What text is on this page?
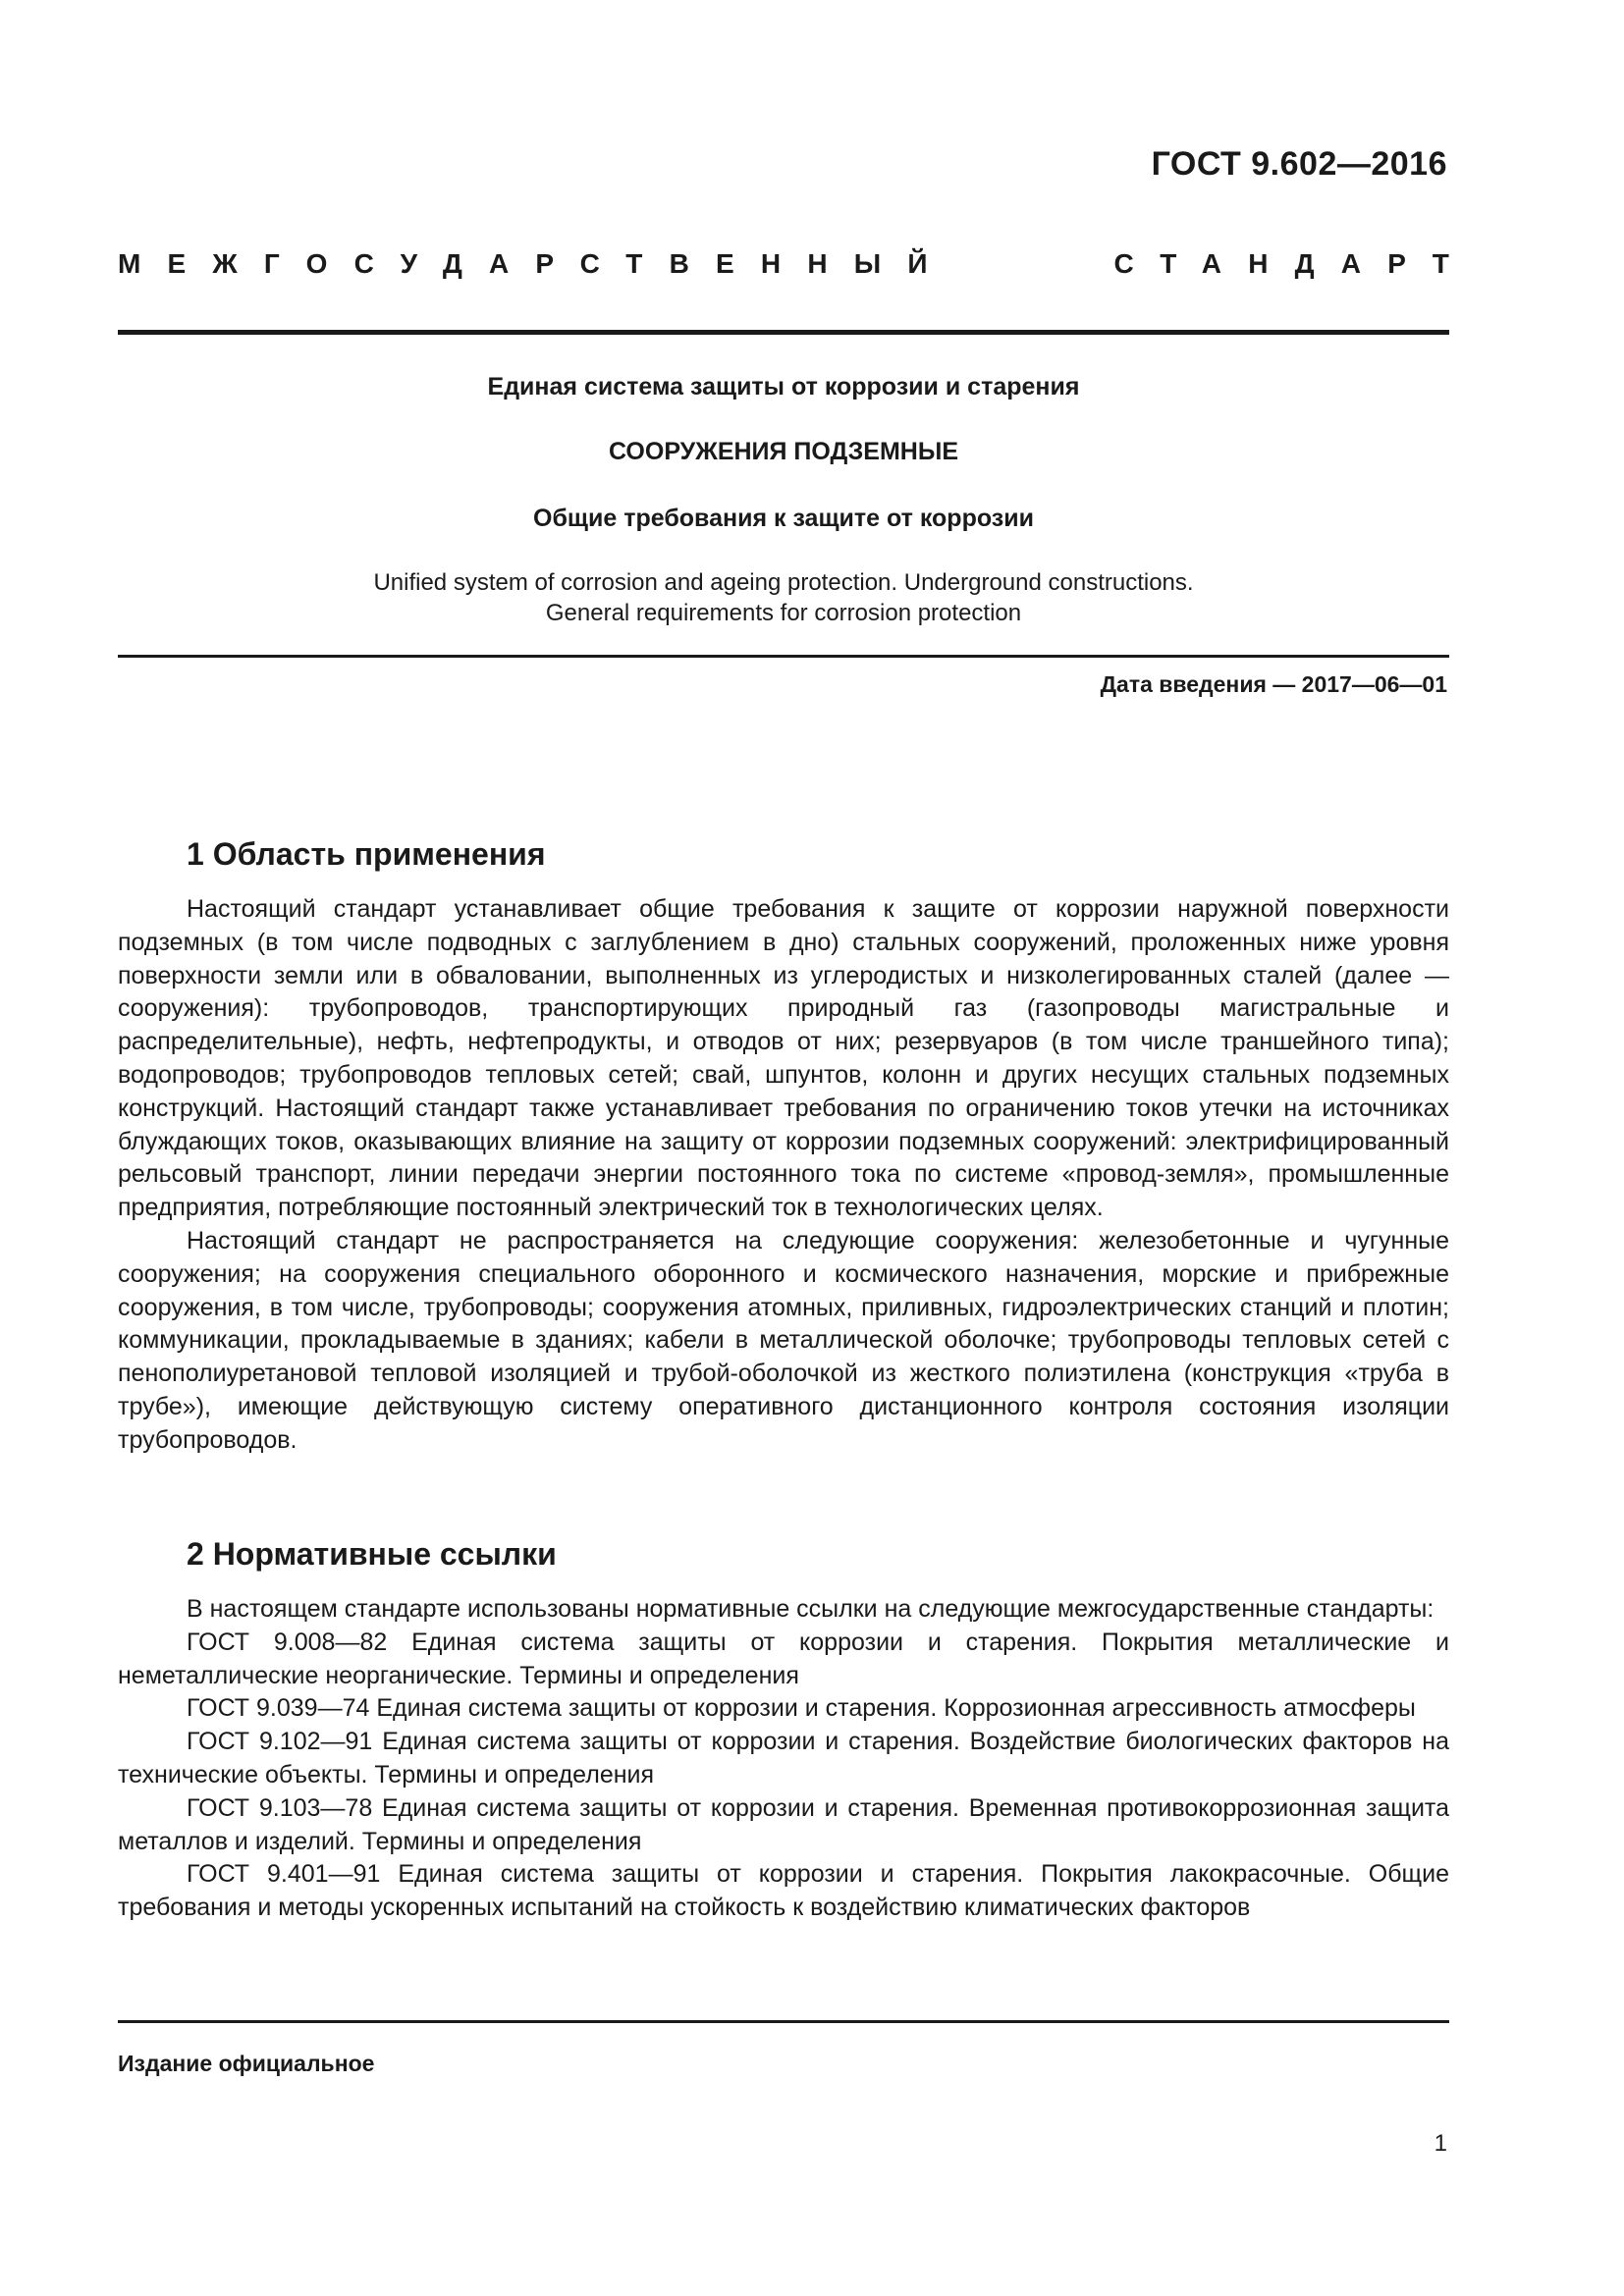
ГОСТ 9.602—2016
МЕЖГОСУДАРСТВЕННЫЙ	СТАНДАРТ
Единая система защиты от коррозии и старения
СООРУЖЕНИЯ ПОДЗЕМНЫЕ
Общие требования к защите от коррозии
Unified system of corrosion and ageing protection. Underground constructions.
General requirements for corrosion protection
Дата введения — 2017—06—01
1 Область применения

Настоящий стандарт устанавливает общие требования к защите от коррозии наружной поверхности подземных (в том числе подводных с заглублением в дно) стальных сооружений, проложенных ниже уровня поверхности земли или в обваловании, выполненных из углеродистых и низколегированных сталей (далее — сооружения): трубопроводов, транспортирующих природный газ (газопроводы магистральные и распределительные), нефть, нефтепродукты, и отводов от них; резервуаров (в том числе траншейного типа); водопроводов; трубопроводов тепловых сетей; свай, шпунтов, колонн и других несущих стальных подземных конструкций. Настоящий стандарт также устанавливает требования по ограничению токов утечки на источниках блуждающих токов, оказывающих влияние на защиту от коррозии подземных сооружений: электрифицированный рельсовый транспорт, линии передачи энергии постоянного тока по системе «провод-земля», промышленные предприятия, потребляющие постоянный электрический ток в технологических целях.

Настоящий стандарт не распространяется на следующие сооружения: железобетонные и чугунные сооружения; на сооружения специального оборонного и космического назначения, морские и прибрежные сооружения, в том числе, трубопроводы; сооружения атомных, приливных, гидроэлектрических станций и плотин; коммуникации, прокладываемые в зданиях; кабели в металлической оболочке; трубопроводы тепловых сетей с пенополиуретановой тепловой изоляцией и трубой-оболочкой из жесткого полиэтилена (конструкция «труба в трубе»), имеющие действующую систему оперативного дистанционного контроля состояния изоляции трубопроводов.

2 Нормативные ссылки

В настоящем стандарте использованы нормативные ссылки на следующие межгосударственные стандарты:

ГОСТ 9.008—82 Единая система защиты от коррозии и старения. Покрытия металлические и неметаллические неорганические. Термины и определения

ГОСТ 9.039—74 Единая система защиты от коррозии и старения. Коррозионная агрессивность атмосферы

ГОСТ 9.102—91 Единая система защиты от коррозии и старения. Воздействие биологических факторов на технические объекты. Термины и определения

ГОСТ 9.103—78 Единая система защиты от коррозии и старения. Временная противокоррозионная защита металлов и изделий. Термины и определения

ГОСТ 9.401—91 Единая система защиты от коррозии и старения. Покрытия лакокрасочные. Общие требования и методы ускоренных испытаний на стойкость к воздействию климатических факторов

Издание официальное
1
